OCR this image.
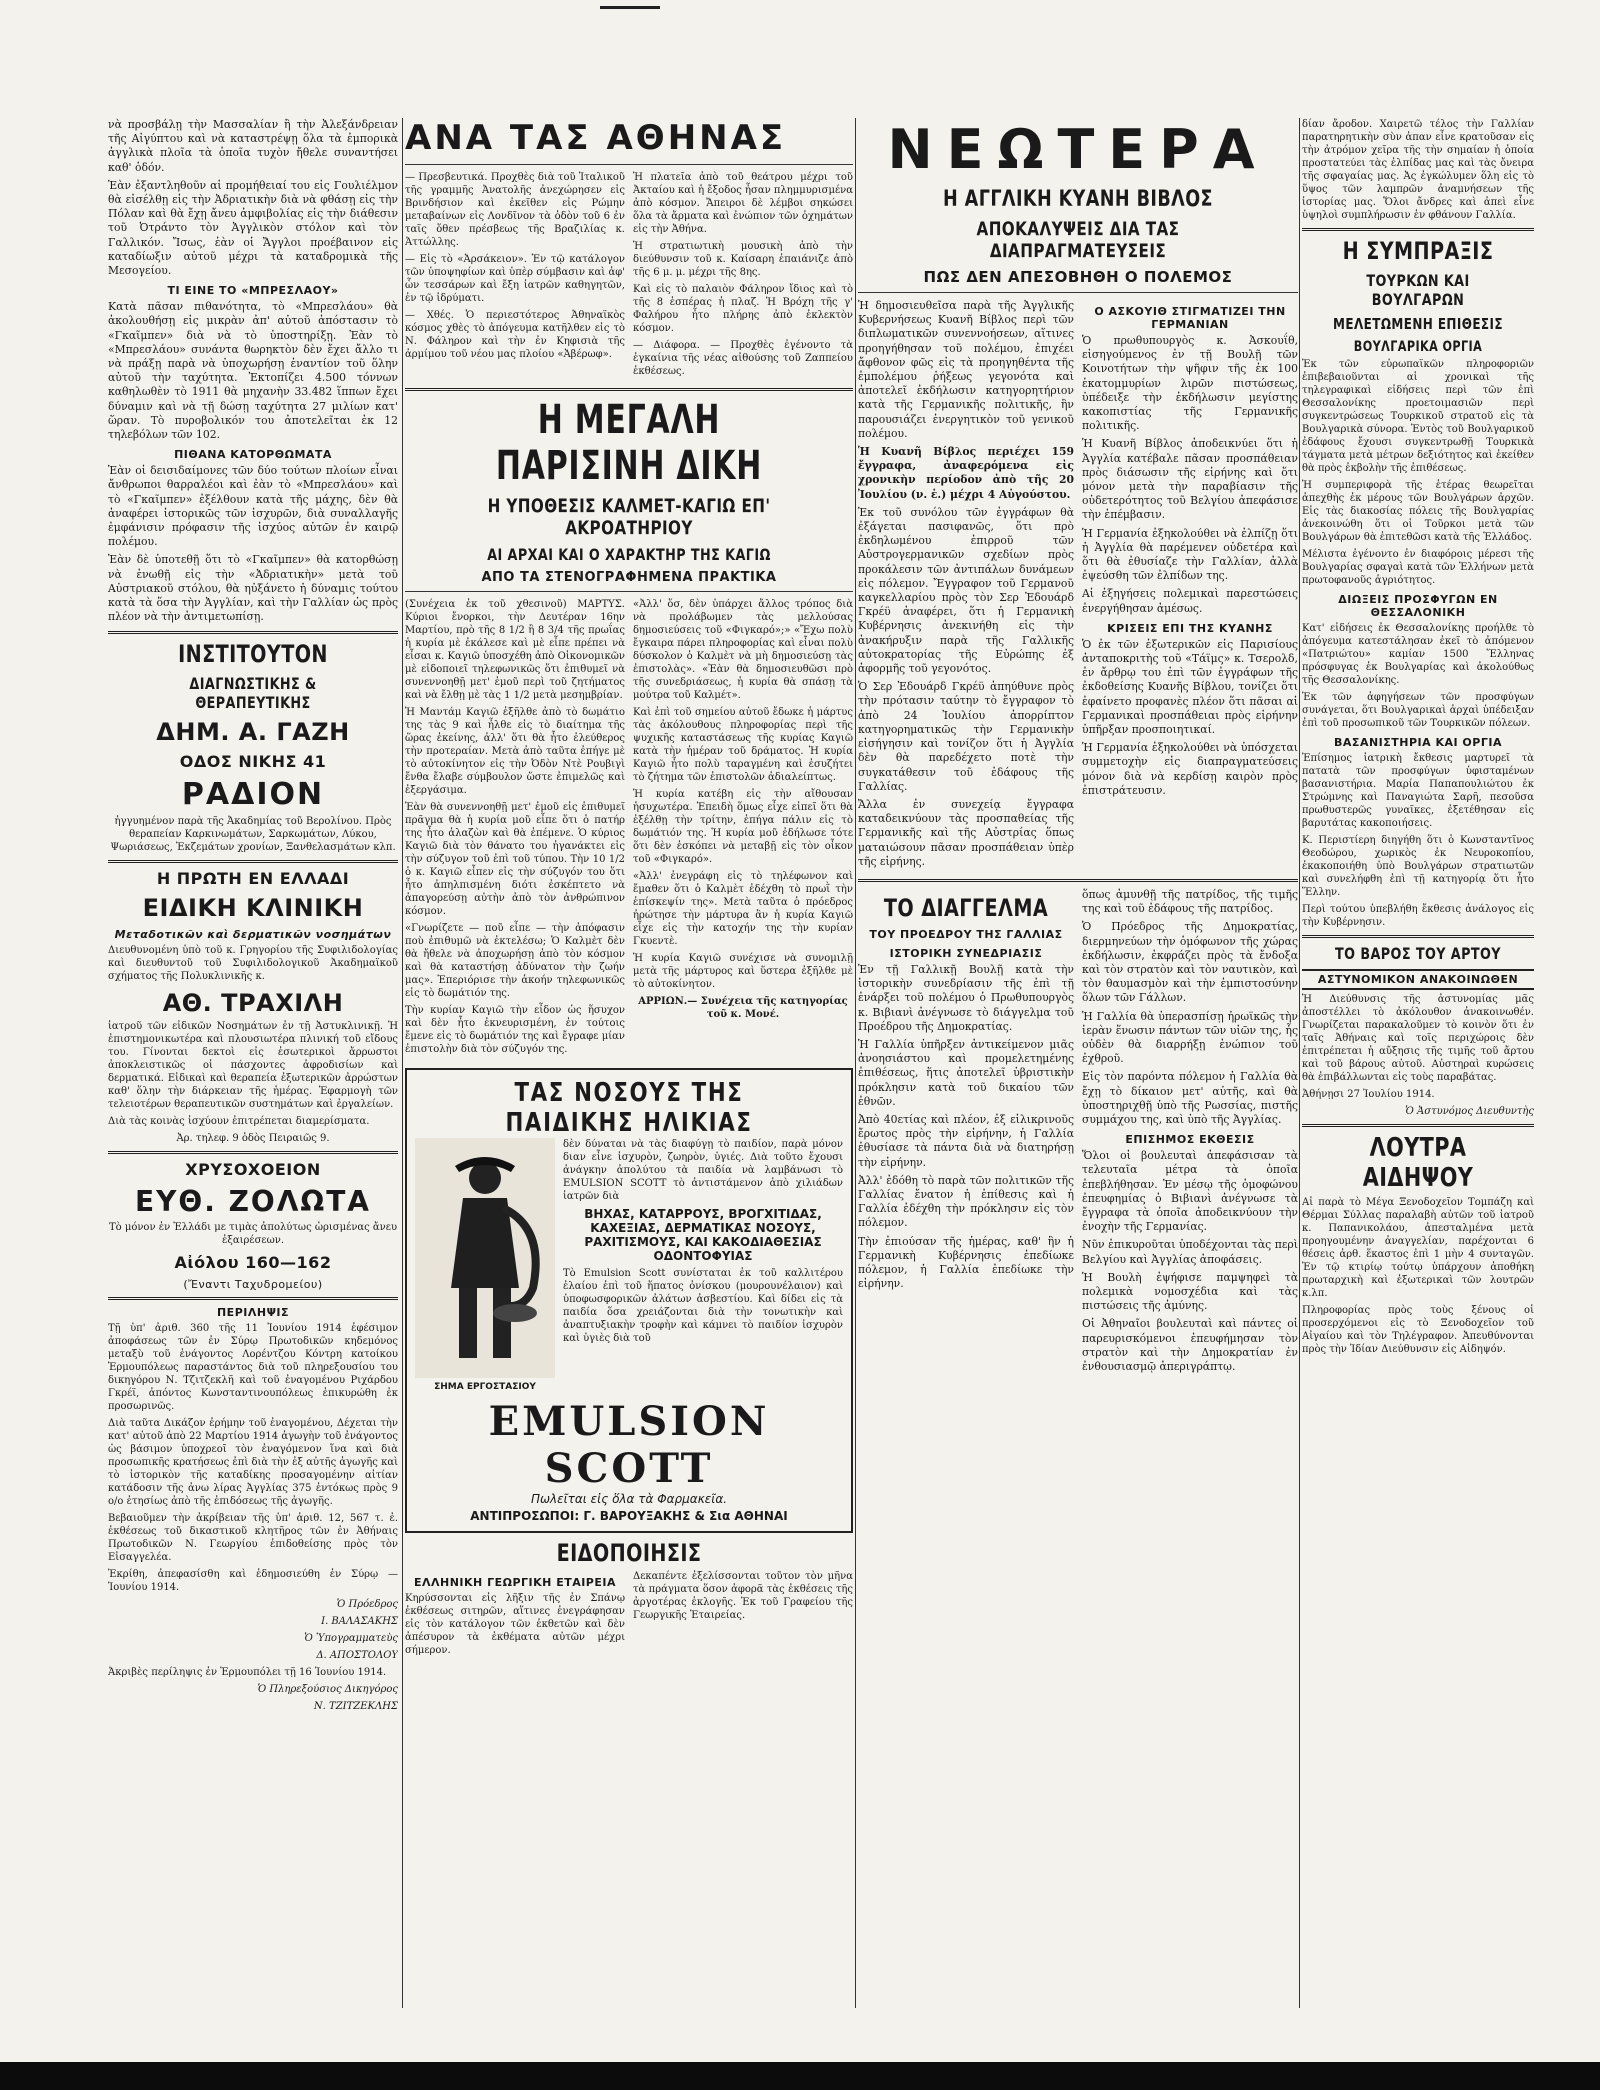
νὰ προσβάλῃ τὴν Μασσαλίαν ἢ τὴν Ἀλεξάνδρειαν τῆς Αἰγύπτου καὶ νὰ καταστρέψῃ ὅλα τὰ ἐμπορικὰ ἀγγλικὰ πλοῖα τὰ ὁποῖα τυχὸν ἤθελε συναντήσει καθ' ὁδόν.

Ἐὰν ἐξαντληθοῦν αἱ προμήθειαί του εἰς Γουλιέλμον θὰ εἰσέλθῃ εἰς τὴν Ἀδριατικὴν διὰ νὰ φθάσῃ εἰς τὴν Πόλαν καὶ θὰ ἔχῃ ἄνευ ἀμφιβολίας εἰς τὴν διάθεσιν τοῦ Ὀτράντο τὸν Ἀγγλικὸν στόλον καὶ τὸν Γαλλικόν. Ἴσως, ἐὰν οἱ Ἄγγλοι προέβαινον εἰς καταδίωξιν αὐτοῦ μέχρι τὰ καταδρομικὰ τῆς Μεσογείου.

ΤΙ ΕΙΝΕ ΤΟ «ΜΠΡΕΣΛΑΟΥ»

Κατὰ πᾶσαν πιθανότητα, τὸ «Μπρεσλάου» θὰ ἀκολουθήσῃ εἰς μικρὰν ἀπ' αὐτοῦ ἀπόστασιν τὸ «Γκαῖμπεν» διὰ νὰ τὸ ὑποστηρίξῃ. Ἐὰν τὸ «Μπρεσλάου» συνάντα θωρηκτὸν δὲν ἔχει ἄλλο τι νὰ πράξῃ παρὰ νὰ ὑποχωρήσῃ ἐναντίον τοῦ ὅλην αὐτοῦ τὴν ταχύτητα. Ἐκτοπίζει 4.500 τόννων καθηλωθὲν τὸ 1911 θὰ μηχανὴν 33.482 ἵππων ἔχει δύναμιν καὶ νὰ τῇ δώσῃ ταχύτητα 27 μιλίων κατ' ὥραν. Τὸ πυροβολικόν του ἀποτελεῖται ἐκ 12 τηλεβόλων τῶν 102.

ΠΙΘΑΝΑ ΚΑΤΟΡΘΩΜΑΤΑ

Ἐὰν οἱ δεισιδαίμονες τῶν δύο τούτων πλοίων εἶναι ἄνθρωποι θαρραλέοι καὶ ἐὰν τὸ «Μπρεσλάου» καὶ τὸ «Γκαῖμπεν» ἐξέλθουν κατὰ τῆς μάχης, δὲν θὰ ἀναφέρει ἱστορικῶς τῶν ἰσχυρῶν, διὰ συναλλαγῆς ἐμφάνισιν πρόφασιν τῆς ἰσχύος αὐτῶν ἐν καιρῷ πολέμου.

Ἐὰν δὲ ὑποτεθῇ ὅτι τὸ «Γκαῖμπεν» θὰ κατορθώσῃ νὰ ἑνωθῇ εἰς τὴν «Ἀδριατικὴν» μετὰ τοῦ Αὐστριακοῦ στόλου, θὰ ηὐξάνετο ἡ δύναμις τούτου κατὰ τὰ ὅσα τὴν Ἀγγλίαν, καὶ τὴν Γαλλίαν ὡς πρὸς πλέον νὰ τὴν ἀντιμετωπίσῃ.

ΙΝΣΤΙΤΟΥΤΟΝ
ΔΙΑΓΝΩΣΤΙΚΗΣ & ΘΕΡΑΠΕΥΤΙΚΗΣ
ΔΗΜ. Α. ΓΑΖΗ
ΟΔΟΣ ΝΙΚΗΣ 41
ΡΑΔΙΟΝ

ἠγγυημένον παρὰ τῆς Ἀκαδημίας τοῦ Βερολίνου. Πρὸς θεραπείαν Καρκινωμάτων, Σαρκωμάτων, Λύκου, Ψωριάσεως, Ἐκζεμάτων χρονίων, Ξανθελασμάτων κλπ.

Η ΠΡΩΤΗ ΕΝ ΕΛΛΑΔΙ
ΕΙΔΙΚΗ ΚΛΙΝΙΚΗ
Μεταδοτικῶν καὶ δερματικῶν νοσημάτων

Διευθυνομένη ὑπὸ τοῦ κ. Γρηγορίου τῆς Συφιλιδολογίας καὶ διευθυντοῦ τοῦ Συφιλιδολογικοῦ Ἀκαδημαϊκοῦ σχήματος τῆς Πολυκλινικῆς κ.

ΑΘ. ΤΡΑΧΙΛΗ

ἰατροῦ τῶν εἰδικῶν Νοσημάτων ἐν τῇ Ἀστυκλινικῇ. Ἡ ἐπιστημονικωτέρα καὶ πλουσιωτέρα πλινική τοῦ εἴδους του. Γίνονται δεκτοὶ εἰς ἐσωτερικοὶ ἄρρωστοι ἀποκλειστικῶς οἱ πάσχοντες ἀφροδισίων καὶ δερματικά. Εἰδικαὶ καὶ θεραπεία ἐξωτερικῶν ἀρρώστων καθ' ὅλην τὴν διάρκειαν τῆς ἡμέρας. Ἐφαρμογὴ τῶν τελειοτέρων θεραπευτικῶν συστημάτων καὶ ἐργαλείων.

Διὰ τὰς κοινὰς ἰσχύουν ἐπιτρέπεται διαμερίσματα.

Ἀρ. τηλεφ. 9 ὁδὸς Πειραιῶς 9.

ΧΡΥΣΟΧΟΕΙΟΝ
ΕΥΘ. ΖΟΛΩΤΑ

Τὸ μόνον ἐν Ἑλλάδι με τιμὰς ἀπολύτως ὡρισμένας ἄνευ ἐξαιρέσεων.

Αἰόλου 160—162
(Ἔναντι Ταχυδρομείου)
ΠΕΡΙΛΗΨΙΣ

Τῇ ὑπ' ἀριθ. 360 τῆς 11 Ἰουνίου 1914 ἐφέσιμον ἀποφάσεως τῶν ἐν Σύρῳ Πρωτοδικῶν κηδεμόνος μεταξὺ τοῦ ἐνάγοντος Λορέντζου Κόντρη κατοίκου Ἑρμουπόλεως παραστάντος διὰ τοῦ πληρεξουσίου του δικηγόρου Ν. Τζιτζεκλῆ καὶ τοῦ ἐναγομένου Ριχάρδου Γκρέϊ, ἀπόντος Κωνσταντινουπόλεως ἐπικυρώθη ἐκ προσωρινῶς.

Διὰ ταῦτα Δικάζον ἐρήμην τοῦ ἐναγομένου, Δέχεται τὴν κατ' αὐτοῦ ἀπὸ 22 Μαρτίου 1914 ἀγωγὴν τοῦ ἐνάγοντος ὡς βάσιμον ὑποχρεοῖ τὸν ἐναγόμενον ἵνα καὶ διὰ προσωπικῆς κρατήσεως ἐπὶ διὰ τὴν ἐξ αὐτῆς ἀγωγῆς καὶ τὸ ἱστορικὸν τῆς καταδίκης προσαγομένην αἰτίαν κατάδοσιν τῆς ἀνω λίρας Ἀγγλίας 375 ἐντόκως πρὸς 9 ο/ο ἐτησίως ἀπὸ τῆς ἐπιδόσεως τῆς ἀγωγῆς.

Βεβαιοῦμεν τὴν ἀκρίβειαν τῆς ὑπ' ἀριθ. 12, 567 τ. ἐ. ἐκθέσεως τοῦ δικαστικοῦ κλητῆρος τῶν ἐν Ἀθήναις Πρωτοδικῶν Ν. Γεωργίου ἐπιδοθείσης πρὸς τὸν Εἰσαγγελέα.

Ἐκρίθη, ἀπεφασίσθη καὶ ἐδημοσιεύθη ἐν Σύρῳ — Ἰουνίου 1914.

Ὁ Πρόεδρος

Ι. ΒΑΛΑΣΑΚΗΣ

Ὁ Ὑπογραμματεὺς

Δ. ΑΠΟΣΤΟΛΟΥ

Ἀκριβὲς περίληψις ἐν Ἑρμουπόλει τῇ 16 Ἰουνίου 1914.

Ὁ Πληρεξούσιος Δικηγόρος

Ν. ΤΖΙΤΖΕΚΛΗΣ

ΑΝΑ ΤΑΣ ΑΘΗΝΑΣ

— Πρεσβευτικά. Προχθὲς διὰ τοῦ Ἰταλικοῦ τῆς γραμμῆς Ἀνατολῆς ἀνεχώρησεν εἰς Βρινδήσιον καὶ ἐκεῖθεν εἰς Ρώμην μεταβαίνων εἰς Λονδῖνον τὰ ὁδὸν τοῦ 6 ἐν ταῖς ὅθεν πρέσβεως τῆς Βραζιλίας κ. Ἀττώλλης.

— Εἰς τὸ «Ἀρσάκειον». Ἐν τῷ κατάλογον τῶν ὑποψηφίων καὶ ὑπὲρ σύμβασιν καὶ ἀφ' ὧν τεσσάρων καὶ ἔξη ἰατρῶν καθηγητῶν, ἐν τῷ ἰδρύματι.

— Χθές. Ὁ περιεστότερος Ἀθηναϊκὸς κόσμος χθὲς τὸ ἀπόγευμα κατῆλθεν εἰς τὸ Ν. Φάληρον καὶ τὴν ἐν Κηφισιὰ τῆς ἀρμίμου τοῦ νέου μας πλοίου «Ἀβέρωφ».

Ἡ πλατεῖα ἀπὸ τοῦ θεάτρου μέχρι τοῦ Ἀκταίου καὶ ἡ ἔξοδος ἦσαν πλημμυρισμένα ἀπὸ κόσμον. Ἄπειροι δὲ λέμβοι σηκώσει ὅλα τὰ ἄρματα καὶ ἐνώπιον τῶν ὀχημάτων εἰς τὴν Ἀθήνα.

Ἡ στρατιωτικὴ μουσικὴ ἀπὸ τὴν διεύθυνσιν τοῦ κ. Καίσαρη ἐπαιάνιζε ἀπὸ τῆς 6 μ. μ. μέχρι τῆς 8ης.

Καὶ εἰς τὸ παλαιὸν Φάληρον ἴδιος καὶ τὸ τῆς 8 ἑσπέρας ἡ πλαζ. Ἡ Βρόχη τῆς γ' Φαλήρου ἦτο πλήρης ἀπὸ ἐκλεκτὸν κόσμον.

— Διάφορα. — Προχθὲς ἐγένοντο τὰ ἐγκαίνια τῆς νέας αἰθούσης τοῦ Ζαππείου ἐκθέσεως.

Η ΜΕΓΑΛΗ ΠΑΡΙΣΙΝΗ ΔΙΚΗ
Η ΥΠΟΘΕΣΙΣ ΚΑΛΜΕΤ-ΚΑΓΙΩ ΕΠ' ΑΚΡΟΑΤΗΡΙΟΥ
ΑΙ ΑΡΧΑΙ ΚΑΙ Ο ΧΑΡΑΚΤΗΡ ΤΗΣ ΚΑΓΙΩ
ΑΠΟ ΤΑ ΣΤΕΝΟΓΡΑΦΗΜΕΝΑ ΠΡΑΚΤΙΚΑ

(Συνέχεια ἐκ τοῦ χθεσινοῦ) ΜΑΡΤΥΣ. Κύριοι ἔνορκοι, τὴν Δευτέραν 16ην Μαρτίου, πρὸ τῆς 8 1/2 ἢ 8 3/4 τῆς πρωΐας ἡ κυρία μὲ ἐκάλεσε καὶ μὲ εἶπε πρέπει νὰ εἶσαι κ. Καγιῶ ὑποσχέθη ἀπὸ Οἰκονομικῶν μὲ εἰδοποιεῖ τηλεφωνικῶς ὅτι ἐπιθυμεῖ νὰ συνεννοηθῇ μετ' ἐμοῦ περὶ τοῦ ζητήματος καὶ νὰ ἔλθῃ μὲ τὰς 1 1/2 μετὰ μεσημβρίαν.

Ἡ Μαντάμ Καγιῶ ἐξῆλθε ἀπὸ τὸ δωμάτιο της τὰς 9 καὶ ἦλθε εἰς τὸ διαίτημα τῆς ὥρας ἐκείνης, ἀλλ' ὅτι θὰ ἦτο ἐλεύθερος τὴν προτεραίαν. Μετὰ ἀπὸ ταῦτα ἐπήγε μὲ τὸ αὐτοκίνητον εἰς τὴν Ὀδὸν Ντὲ Ρουβιγὶ ἔνθα ἔλαβε σύμβουλον ὥστε ἐπιμελῶς καὶ ἐξεργάσιμα.

Ἐὰν θὰ συνεννοηθῇ μετ' ἐμοῦ εἰς ἐπιθυμεῖ πρᾶγμα θὰ ἡ κυρία μοῦ εἶπε ὅτι ὁ πατήρ της ἦτο ἀλαζὼν καὶ θὰ ἐπέμενε. Ὁ κύριος Καγιῶ διὰ τὸν θάνατο του ἠγανάκτει εἰς τὴν σύζυγον τοῦ ἐπὶ τοῦ τύπου. Τὴν 10 1/2 ὁ κ. Καγιῶ εἶπεν εἰς τὴν σύζυγόν του ὅτι ἦτο ἀπηλπισμένη διότι ἐσκέπτετο νὰ ἀπαγορεύσῃ αὐτὴν ἀπὸ τὸν ἀνθρώπινον κόσμον.

«Γνωρίζετε — ποῦ εἶπε — τὴν ἀπόφασιν ποὺ ἐπιθυμῶ νὰ ἐκτελέσω; Ὁ Καλμὲτ δὲν θὰ ἤθελε νὰ ἀποχωρήσῃ ἀπὸ τὸν κόσμον καὶ θὰ καταστήσῃ ἀδύνατον τὴν ζωήν μας». Ἐπεριόρισε τὴν ἀκοήν τηλεφωνικῶς εἰς τὸ δωμάτιόν της.

Τὴν κυρίαν Καγιῶ τὴν εἶδον ὡς ἥσυχον καὶ δὲν ἦτο ἐκνευρισμένη, ἐν τούτοις ἔμενε εἰς τὸ δωμάτιόν της καὶ ἔγραφε μίαν ἐπιστολὴν διὰ τὸν σύζυγόν της.

«Ἀλλ' ὅσ, δὲν ὑπάρχει ἄλλος τρόπος διὰ νὰ προλάβωμεν τὰς μελλούσας δημοσιεύσεις τοῦ «Φιγκαρό»;» «Ἔχω πολὺ ἔγκαιρα πάρει πληροφορίας καὶ εἶναι πολὺ δύσκολον ὁ Καλμὲτ νὰ μὴ δημοσιεύσῃ τὰς ἐπιστολὰς». «Ἐὰν θὰ δημοσιευθῶσι πρὸ τῆς συνεδριάσεως, ἡ κυρία θὰ σπάσῃ τὰ μούτρα τοῦ Καλμέτ».

Καὶ ἐπὶ τοῦ σημείου αὐτοῦ ἔδωκε ἡ μάρτυς τὰς ἀκόλουθους πληροφορίας περὶ τῆς ψυχικῆς καταστάσεως τῆς κυρίας Καγιῶ κατὰ τὴν ἡμέραν τοῦ δράματος. Ἡ κυρία Καγιῶ ἦτο πολὺ ταραγμένη καὶ ἐσυζήτει τὸ ζήτημα τῶν ἐπιστολῶν ἀδιαλείπτως.

Ἡ κυρία κατέβη εἰς τὴν αἴθουσαν ἡσυχωτέρα. Ἐπειδὴ ὅμως εἶχε εἰπεῖ ὅτι θὰ ἐξέλθῃ τὴν τρίτην, ἐπήγα πάλιν εἰς τὸ δωμάτιόν της. Ἡ κυρία μοῦ ἐδήλωσε τότε ὅτι δὲν ἐσκόπει νὰ μεταβῇ εἰς τὸν οἶκον τοῦ «Φιγκαρό».

«Ἀλλ' ἐνεγράφη εἰς τὸ τηλέφωνον καὶ ἔμαθεν ὅτι ὁ Καλμὲτ ἐδέχθη τὸ πρωῒ τὴν ἐπίσκεψίν της». Μετὰ ταῦτα ὁ πρόεδρος ἠρώτησε τὴν μάρτυρα ἂν ἡ κυρία Καγιῶ εἶχε εἰς τὴν κατοχήν της τὴν κυρίαν Γκυεντὲ.

Ἡ κυρία Καγιῶ συνέχισε νὰ συνομιλῇ μετὰ τῆς μάρτυρος καὶ ὕστερα ἐξῆλθε μὲ τὸ αὐτοκίνητον.

ΑΡΡΙΩΝ.— Συνέχεια τῆς κατηγορίας τοῦ κ. Μονέ.

ΤΑΣ ΝΟΣΟΥΣ ΤΗΣ ΠΑΙΔΙΚΗΣ ΗΛΙΚΙΑΣ
ΣΗΜΑ ΕΡΓΟΣΤΑΣΙΟΥ

δὲν δύναται νὰ τὰς διαφύγῃ τὸ παιδίον, παρὰ μόνον διαν εἶνε ἰσχυρὸν, ζωηρὸν, ὑγιές. Διὰ τοῦτο ἔχουσι ἀνάγκην ἀπολύτου τὰ παιδία νὰ λαμβάνωσι τὸ EMULSION SCOTT τὸ ἀντιστάμενον ἀπὸ χιλιάδων ἰατρῶν διὰ

ΒΗΧΑΣ, ΚΑΤΑΡΡΟΥΣ, ΒΡΟΓΧΙΤΙΔΑΣ, ΚΑΧΕΞΙΑΣ, ΔΕΡΜΑΤΙΚΑΣ ΝΟΣΟΥΣ, ΡΑΧΙΤΙΣΜΟΥΣ, ΚΑΙ ΚΑΚΟΔΙΑΘΕΣΙΑΣ ΟΔΟΝΤΟΦΥΙΑΣ

Τὸ Emulsion Scott συνίσταται ἐκ τοῦ καλλιτέρου ἐλαίου ἐπὶ τοῦ ἥπατος ὀνίσκου (μουρουνέλαιον) καὶ ὑποφωσφορικῶν ἀλάτων ἀσβεστίου. Καὶ δίδει εἰς τὰ παιδία ὅσα χρειάζονται διὰ τὴν τονωτικὴν καὶ ἀναπτυξιακὴν τροφὴν καὶ κάμνει τὸ παιδίον ἰσχυρὸν καὶ ὑγιὲς διὰ τοῦ

EMULSION SCOTT
Πωλεῖται εἰς ὅλα τὰ Φαρμακεῖα.
ΑΝΤΙΠΡΟΣΩΠΟΙ: Γ. ΒΑΡΟΥΞΑΚΗΣ & Σια ΑΘΗΝΑΙ
ΕΙΔΟΠΟΙΗΣΙΣ
ΕΛΛΗΝΙΚΗ ΓΕΩΡΓΙΚΗ ΕΤΑΙΡΕΙΑ

Κηρύσσονται εἰς λῆξιν τῆς ἐν Σπάνῳ ἐκθέσεως σιτηρῶν, αἵτινες ἐνεγράφησαν εἰς τὸν κατάλογον τῶν ἐκθετῶν καὶ δὲν ἀπέσυρον τὰ ἐκθέματα αὐτῶν μέχρι σήμερον.

Δεκαπέντε ἐξελίσσονται τοῦτον τὸν μῆνα τὰ πράγματα ὅσον ἀφορᾶ τὰς ἐκθέσεις τῆς ἀργοτέρας ἐκλογῆς. Ἐκ τοῦ Γραφείου τῆς Γεωργικῆς Ἑταιρείας.

ΝΕΩΤΕΡΑ
Η ΑΓΓΛΙΚΗ ΚΥΑΝΗ ΒΙΒΛΟΣ
ΑΠΟΚΑΛΥΨΕΙΣ ΔΙΑ ΤΑΣ ΔΙΑΠΡΑΓΜΑΤΕΥΣΕΙΣ
ΠΩΣ ΔΕΝ ΑΠΕΣΟΒΗΘΗ Ο ΠΟΛΕΜΟΣ

Ἡ δημοσιευθεῖσα παρὰ τῆς Ἀγγλικῆς Κυβερνήσεως Κυανῆ Βίβλος περὶ τῶν διπλωματικῶν συνεννοήσεων, αἵτινες προηγήθησαν τοῦ πολέμου, ἐπιχέει ἄφθονον φῶς εἰς τὰ προηγηθέντα τῆς ἐμπολέμου ῥήξεως γεγονότα καὶ ἀποτελεῖ ἐκδήλωσιν κατηγορητήριον κατὰ τῆς Γερμανικῆς πολιτικῆς, ἣν παρουσιάζει ἐνεργητικὸν τοῦ γενικοῦ πολέμου.

Ἡ Κυανῆ Βίβλος περιέχει 159 ἔγγραφα, ἀναφερόμενα εἰς χρονικὴν περίοδον ἀπὸ τῆς 20 Ἰουλίου (ν. ἑ.) μέχρι 4 Αὐγούστου.

Ἐκ τοῦ συνόλου τῶν ἐγγράφων θὰ ἐξάγεται πασιφανῶς, ὅτι πρὸ ἐκδηλωμένου ἐπιρροῦ τῶν Αὐστρογερμανικῶν σχεδίων πρὸς προκάλεσιν τῶν ἀντιπάλων δυνάμεων εἰς πόλεμον. Ἔγγραφον τοῦ Γερμανοῦ καγκελλαρίου πρὸς τὸν Σερ Ἐδουάρδ Γκρέϋ ἀναφέρει, ὅτι ἡ Γερμανικὴ Κυβέρνησις ἀνεκινήθη εἰς τὴν ἀνακήρυξιν παρὰ τῆς Γαλλικῆς αὐτοκρατορίας τῆς Εὐρώπης ἐξ ἀφορμῆς τοῦ γεγονότος.

Ὁ Σερ Ἐδουάρδ Γκρέϋ ἀπηύθυνε πρὸς τὴν πρότασιν ταύτην τὸ ἔγγραφον τὸ ἀπὸ 24 Ἰουλίου ἀπορρίπτον κατηγορηματικῶς τὴν Γερμανικὴν εἰσήγησιν καὶ τονίζον ὅτι ἡ Ἀγγλία δὲν θὰ παρεδέχετο ποτὲ τὴν συγκατάθεσιν τοῦ ἐδάφους τῆς Γαλλίας.

Ἄλλα ἐν συνεχείᾳ ἔγγραφα καταδεικνύουν τὰς προσπαθείας τῆς Γερμανικῆς καὶ τῆς Αὐστρίας ὅπως ματαιώσουν πᾶσαν προσπάθειαν ὑπὲρ τῆς εἰρήνης.

Ο ΑΣΚΟΥΙΘ ΣΤΙΓΜΑΤΙΖΕΙ ΤΗΝ ΓΕΡΜΑΝΙΑΝ

Ὁ πρωθυπουργὸς κ. Ἀσκουΐθ, εἰσηγούμενος ἐν τῇ Βουλῇ τῶν Κοινοτήτων τὴν ψῆφιν τῆς ἐκ 100 ἑκατομμυρίων λιρῶν πιστώσεως, ὑπέδειξε τὴν ἐκδήλωσιν μεγίστης κακοπιστίας τῆς Γερμανικῆς πολιτικῆς.

Ἡ Κυανῆ Βίβλος ἀποδεικνύει ὅτι ἡ Ἀγγλία κατέβαλε πᾶσαν προσπάθειαν πρὸς διάσωσιν τῆς εἰρήνης καὶ ὅτι μόνον μετὰ τὴν παραβίασιν τῆς οὐδετερότητος τοῦ Βελγίου ἀπεφάσισε τὴν ἐπέμβασιν.

Ἡ Γερμανία ἐξηκολούθει νὰ ἐλπίζῃ ὅτι ἡ Ἀγγλία θὰ παρέμενεν οὐδετέρα καὶ ὅτι θὰ ἐθυσίαζε τὴν Γαλλίαν, ἀλλὰ ἐψεύσθη τῶν ἐλπίδων της.

Αἱ ἐξηγήσεις πολεμικαὶ παρεστώσεις ἐνεργήθησαν ἀμέσως.

ΚΡΙΣΕΙΣ ΕΠΙ ΤΗΣ ΚΥΑΝΗΣ

Ὁ ἐκ τῶν ἐξωτερικῶν εἰς Παρισίους ἀνταποκριτὴς τοῦ «Τάϊμς» κ. Τσερολδ, ἐν ἄρθρῳ του ἐπὶ τῶν ἐγγράφων τῆς ἐκδοθείσης Κυανῆς Βίβλου, τονίζει ὅτι ἐφαίνετο προφανὲς πλέον ὅτι πᾶσαι αἱ Γερμανικαὶ προσπάθειαι πρὸς εἰρήνην ὑπῆρξαν προσποιητικαί.

Ἡ Γερμανία ἐξηκολούθει νὰ ὑπόσχεται συμμετοχὴν εἰς διαπραγματεύσεις μόνον διὰ νὰ κερδίσῃ καιρὸν πρὸς ἐπιστράτευσιν.

ΤΟ ΔΙΑΓΓΕΛΜΑ
ΤΟΥ ΠΡΟΕΔΡΟΥ ΤΗΣ ΓΑΛΛΙΑΣ
ΙΣΤΟΡΙΚΗ ΣΥΝΕΔΡΙΑΣΙΣ

Ἐν τῇ Γαλλικῇ Βουλῇ κατὰ τὴν ἱστορικὴν συνεδρίασιν τῆς ἐπὶ τῇ ἐνάρξει τοῦ πολέμου ὁ Πρωθυπουργὸς κ. Βιβιανὶ ἀνέγνωσε τὸ διάγγελμα τοῦ Προέδρου τῆς Δημοκρατίας.

Ἡ Γαλλία ὑπῆρξεν ἀντικείμενον μιᾶς ἀνοησιάστου καὶ προμελετημένης ἐπιθέσεως, ἥτις ἀποτελεῖ ὑβριστικὴν πρόκλησιν κατὰ τοῦ δικαίου τῶν ἐθνῶν.

Ἀπὸ 40ετίας καὶ πλέον, ἐξ εἰλικρινοῦς ἔρωτος πρὸς τὴν εἰρήνην, ἡ Γαλλία ἐθυσίασε τὰ πάντα διὰ νὰ διατηρήσῃ τὴν εἰρήνην.

Ἀλλ' ἐδόθη τὸ παρὰ τῶν πολιτικῶν τῆς Γαλλίας ἔνατον ἡ ἐπίθεσις καὶ ἡ Γαλλία ἐδέχθη τὴν πρόκλησιν εἰς τὸν πόλεμον.

Τὴν ἐπιούσαν τῆς ἡμέρας, καθ' ἣν ἡ Γερμανικὴ Κυβέρνησις ἐπεδίωκε πόλεμον, ἡ Γαλλία ἐπεδίωκε τὴν εἰρήνην.

ὅπως ἀμυνθῇ τῆς πατρίδος, τῆς τιμῆς της καὶ τοῦ ἐδάφους τῆς πατρίδος.

Ὁ Πρόεδρος τῆς Δημοκρατίας, διερμηνεύων τὴν ὁμόφωνον τῆς χώρας ἐκδήλωσιν, ἐκφράζει πρὸς τὰ ἔνδοξα καὶ τὸν στρατὸν καὶ τὸν ναυτικὸν, καὶ τὸν θαυμασμὸν καὶ τὴν ἐμπιστοσύνην ὅλων τῶν Γάλλων.

Ἡ Γαλλία θὰ ὑπερασπίσῃ ἠρωϊκῶς τὴν ἱερὰν ἕνωσιν πάντων τῶν υἱῶν της, ἧς οὐδὲν θὰ διαρρήξῃ ἐνώπιον τοῦ ἐχθροῦ.

Εἰς τὸν παρόντα πόλεμον ἡ Γαλλία θὰ ἔχῃ τὸ δίκαιον μετ' αὐτῆς, καὶ θὰ ὑποστηριχθῇ ὑπὸ τῆς Ρωσσίας, πιστῆς συμμάχου της, καὶ ὑπὸ τῆς Ἀγγλίας.

ΕΠΙΣΗΜΟΣ ΕΚΘΕΣΙΣ

Ὅλοι οἱ βουλευταὶ ἀπεφάσισαν τὰ τελευταῖα μέτρα τὰ ὁποῖα ἐπεβλήθησαν. Ἐν μέσῳ τῆς ὁμοφώνου ἐπευφημίας ὁ Βιβιανὶ ἀνέγνωσε τὰ ἔγγραφα τὰ ὁποῖα ἀποδεικνύουν τὴν ἐνοχὴν τῆς Γερμανίας.

Νῦν ἐπικυροῦται ὑποδέχονται τὰς περὶ Βελγίου καὶ Ἀγγλίας ἀποφάσεις.

Ἡ Βουλὴ ἐψήφισε παμψηφεὶ τὰ πολεμικὰ νομοσχέδια καὶ τὰς πιστώσεις τῆς ἀμύνης.

Οἱ Ἀθηναῖοι βουλευταὶ καὶ πάντες οἱ παρευρισκόμενοι ἐπευφήμησαν τὸν στρατὸν καὶ τὴν Δημοκρατίαν ἐν ἐνθουσιασμῷ ἀπεριγράπτῳ.

δίαν ἄροδον. Χαιρετῶ τέλος τὴν Γαλλίαν παρατηρητικὴν σὺν ἀπαν εἶνε κρατοῦσαν εἰς τὴν ἀτρόμον χεῖρα τῆς τὴν σημαίαν ἡ ὁποία προστατεύει τὰς ἐλπίδας μας καὶ τὰς ὄνειρα τῆς σφαγαίας μας. Ἀς ἐγκώλυμεν ὅλη εἰς τὸ ὕψος τῶν λαμπρῶν ἀναμνήσεων τῆς ἱστορίας μας. Ὅλοι ἄνδρες καὶ ἀπεὶ εἶνε ὑψηλοὶ συμπλήρωσιν ἑν φθάνουν Γαλλία.

Η ΣΥΜΠΡΑΞΙΣ
ΤΟΥΡΚΩΝ ΚΑΙ ΒΟΥΛΓΑΡΩΝ
ΜΕΛΕΤΩΜΕΝΗ ΕΠΙΘΕΣΙΣ
ΒΟΥΛΓΑΡΙΚΑ ΟΡΓΙΑ

Ἐκ τῶν εὐρωπαϊκῶν πληροφοριῶν ἐπιβεβαιοῦνται αἱ χρονικαὶ τῆς τηλεγραφικαὶ εἰδήσεις περὶ τῶν ἐπὶ Θεσσαλονίκης προετοιμασιῶν περὶ συγκεντρώσεως Τουρκικοῦ στρατοῦ εἰς τὰ Βουλγαρικὰ σύνορα. Ἐντὸς τοῦ Βουλγαρικοῦ ἐδάφους ἔχουσι συγκεντρωθῇ Τουρκικὰ τάγματα μετὰ μέτρων δεξιότητος καὶ ἐκείθεν θὰ πρὸς ἐκβολὴν τῆς ἐπιθέσεως.

Ἡ συμπεριφορὰ τῆς ἑτέρας θεωρεῖται ἀπεχθὴς ἐκ μέρους τῶν Βουλγάρων ἀρχῶν. Εἰς τὰς διακοσίας πόλεις τῆς Βουλγαρίας ἀνεκοινώθη ὅτι οἱ Τοῦρκοι μετὰ τῶν Βουλγάρων θὰ ἐπιτεθῶσι κατὰ τῆς Ἑλλάδος.

Μέλιστα ἐγένοντο ἐν διαφόροις μέρεσι τῆς Βουλγαρίας σφαγαὶ κατὰ τῶν Ἑλλήνων μετὰ πρωτοφανοῦς ἀγριότητος.

ΔΙΩΞΕΙΣ ΠΡΟΣΦΥΓΩΝ ΕΝ ΘΕΣΣΑΛΟΝΙΚΗ

Κατ' εἰδήσεις ἐκ Θεσσαλονίκης προήλθε τὸ ἀπόγευμα κατεστάλησαν ἐκεῖ τὸ ἀπόμενον «Πατριώτου» καμίαν 1500 Ἕλληνας πρόσφυγας ἐκ Βουλγαρίας καὶ ἀκολούθως τῆς Θεσσαλονίκης.

Ἐκ τῶν ἀφηγήσεων τῶν προσφύγων συνάγεται, ὅτι Βουλγαρικαὶ ἀρχαὶ ὑπέδειξαν ἐπὶ τοῦ προσωπικοῦ τῶν Τουρκικῶν πόλεων.

ΒΑΣΑΝΙΣΤΗΡΙΑ ΚΑΙ ΟΡΓΙΑ

Ἐπίσημος ἰατρικὴ ἔκθεσις μαρτυρεῖ τὰ πατατὰ τῶν προσφύγων ὑφισταμένων βασανιστήρια. Μαρία Παπαπουλιώτου ἐκ Στρώμνης καὶ Παναγιώτα Σαρῆ, πεσοῦσα πρωθυστερῶς γυναῖκες, ἐξετέθησαν εἰς βαρυτάτας κακοποιήσεις.

Κ. Περιστίερη διηγήθη ὅτι ὁ Κωνσταντῖνος Θεοδώρου, χωρικὸς ἐκ Νευροκοπίου, ἐκακοποιήθη ὑπὸ Βουλγάρων στρατιωτῶν καὶ συνελήφθη ἐπὶ τῇ κατηγορίᾳ ὅτι ἦτο Ἕλλην.

Περὶ τούτου ὑπεβλήθη ἔκθεσις ἀνάλογος εἰς τὴν Κυβέρνησιν.

ΤΟ ΒΑΡΟΣ ΤΟΥ ΑΡΤΟΥ
ΑΣΤΥΝΟΜΙΚΟΝ ΑΝΑΚΟΙΝΩΘΕΝ

Ἡ Διεύθυνσις τῆς ἀστυνομίας μᾶς ἀποστέλλει τὸ ἀκόλουθον ἀνακοινωθέν. Γνωρίζεται παρακαλοῦμεν τὸ κοινὸν ὅτι ἐν ταῖς Ἀθήναις καὶ τοῖς περιχώροις δὲν ἐπιτρέπεται ἡ αὔξησις τῆς τιμῆς τοῦ ἄρτου καὶ τοῦ βάρους αὐτοῦ. Αὐστηραὶ κυρώσεις θὰ ἐπιβάλλωνται εἰς τοὺς παραβάτας.

Ἀθήνῃσι 27 Ἰουλίου 1914.

Ὁ Ἀστυνόμος Διευθυντὴς

ΛΟΥΤΡΑ ΑΙΔΗΨΟΥ

Αἱ παρὰ τὸ Μέγα Ξενοδοχεῖον Τομπάζη καὶ Θέρμαι Σύλλας παραλαβὴ αὐτῶν τοῦ ἰατροῦ κ. Παπανικολάου, ἀπεσταλμένα μετὰ προηγουμένην ἀναγγελίαν, παρέχονται 6 θέσεις ἀρθ. ἕκαστος ἐπὶ 1 μὴν 4 συνταγῶν. Ἐν τῷ κτιρίῳ τούτῳ ὑπάρχουν ἀποθήκη πρωταρχικὴ καὶ ἐξωτερικαὶ τῶν λουτρῶν κ.λπ.

Πληροφορίας πρὸς τοὺς ξένους οἱ προσερχόμενοι εἰς τὸ Ξενοδοχεῖον τοῦ Αἰγαίου καὶ τὸν Τηλέγραφον. Ἀπευθύνονται πρὸς τὴν Ἰδίαν Διεύθυνσιν εἰς Αἰδηψόν.
